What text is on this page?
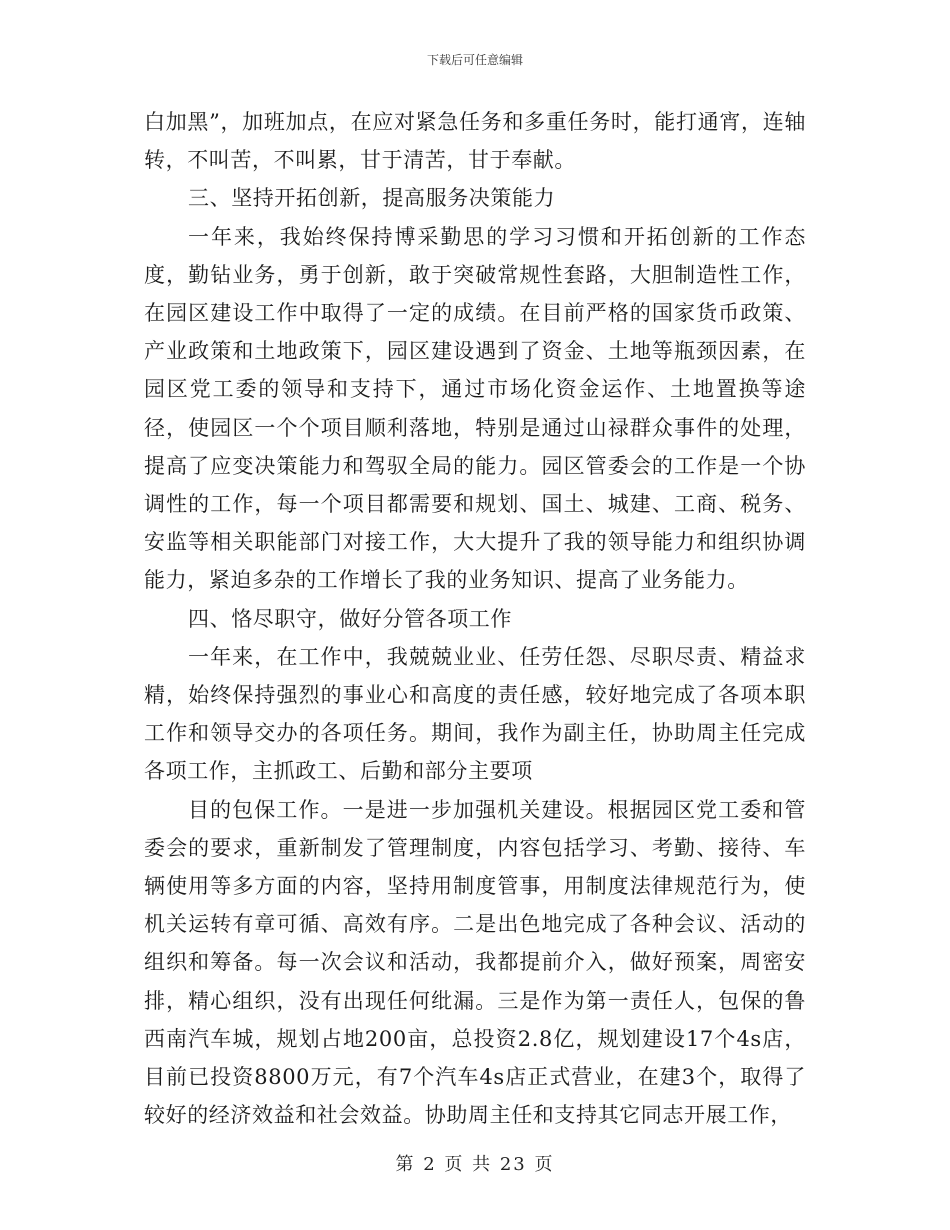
下载后可任意编辑

白加黑”，加班加点，在应对紧急任务和多重任务时，能打通宵，连轴转，不叫苦，不叫累，甘于清苦，甘于奉献。

三、坚持开拓创新，提高服务决策能力

一年来，我始终保持博采勤思的学习习惯和开拓创新的工作态度，勤钻业务，勇于创新，敢于突破常规性套路，大胆制造性工作，在园区建设工作中取得了一定的成绩。在目前严格的国家货币政策、产业政策和土地政策下，园区建设遇到了资金、土地等瓶颈因素，在园区党工委的领导和支持下，通过市场化资金运作、土地置换等途径，使园区一个个项目顺利落地，特别是通过山禄群众事件的处理，提高了应变决策能力和驾驭全局的能力。园区管委会的工作是一个协调性的工作，每一个项目都需要和规划、国土、城建、工商、税务、安监等相关职能部门对接工作，大大提升了我的领导能力和组织协调能力，紧迫多杂的工作增长了我的业务知识、提高了业务能力。

四、恪尽职守，做好分管各项工作

一年来，在工作中，我兢兢业业、任劳任怨、尽职尽责、精益求精，始终保持强烈的事业心和高度的责任感，较好地完成了各项本职工作和领导交办的各项任务。期间，我作为副主任，协助周主任完成各项工作，主抓政工、后勤和部分主要项

目的包保工作。一是进一步加强机关建设。根据园区党工委和管委会的要求，重新制发了管理制度，内容包括学习、考勤、接待、车辆使用等多方面的内容，坚持用制度管事，用制度法律规范行为，使机关运转有章可循、高效有序。二是出色地完成了各种会议、活动的组织和筹备。每一次会议和活动，我都提前介入，做好预案，周密安排，精心组织，没有出现任何纰漏。三是作为第一责任人，包保的鲁西南汽车城，规划占地200亩，总投资2.8亿，规划建设17个4s店，目前已投资8800万元，有7个汽车4s店正式营业，在建3个，取得了较好的经济效益和社会效益。协助周主任和支持其它同志开展工作，

第 2 页 共 23 页
